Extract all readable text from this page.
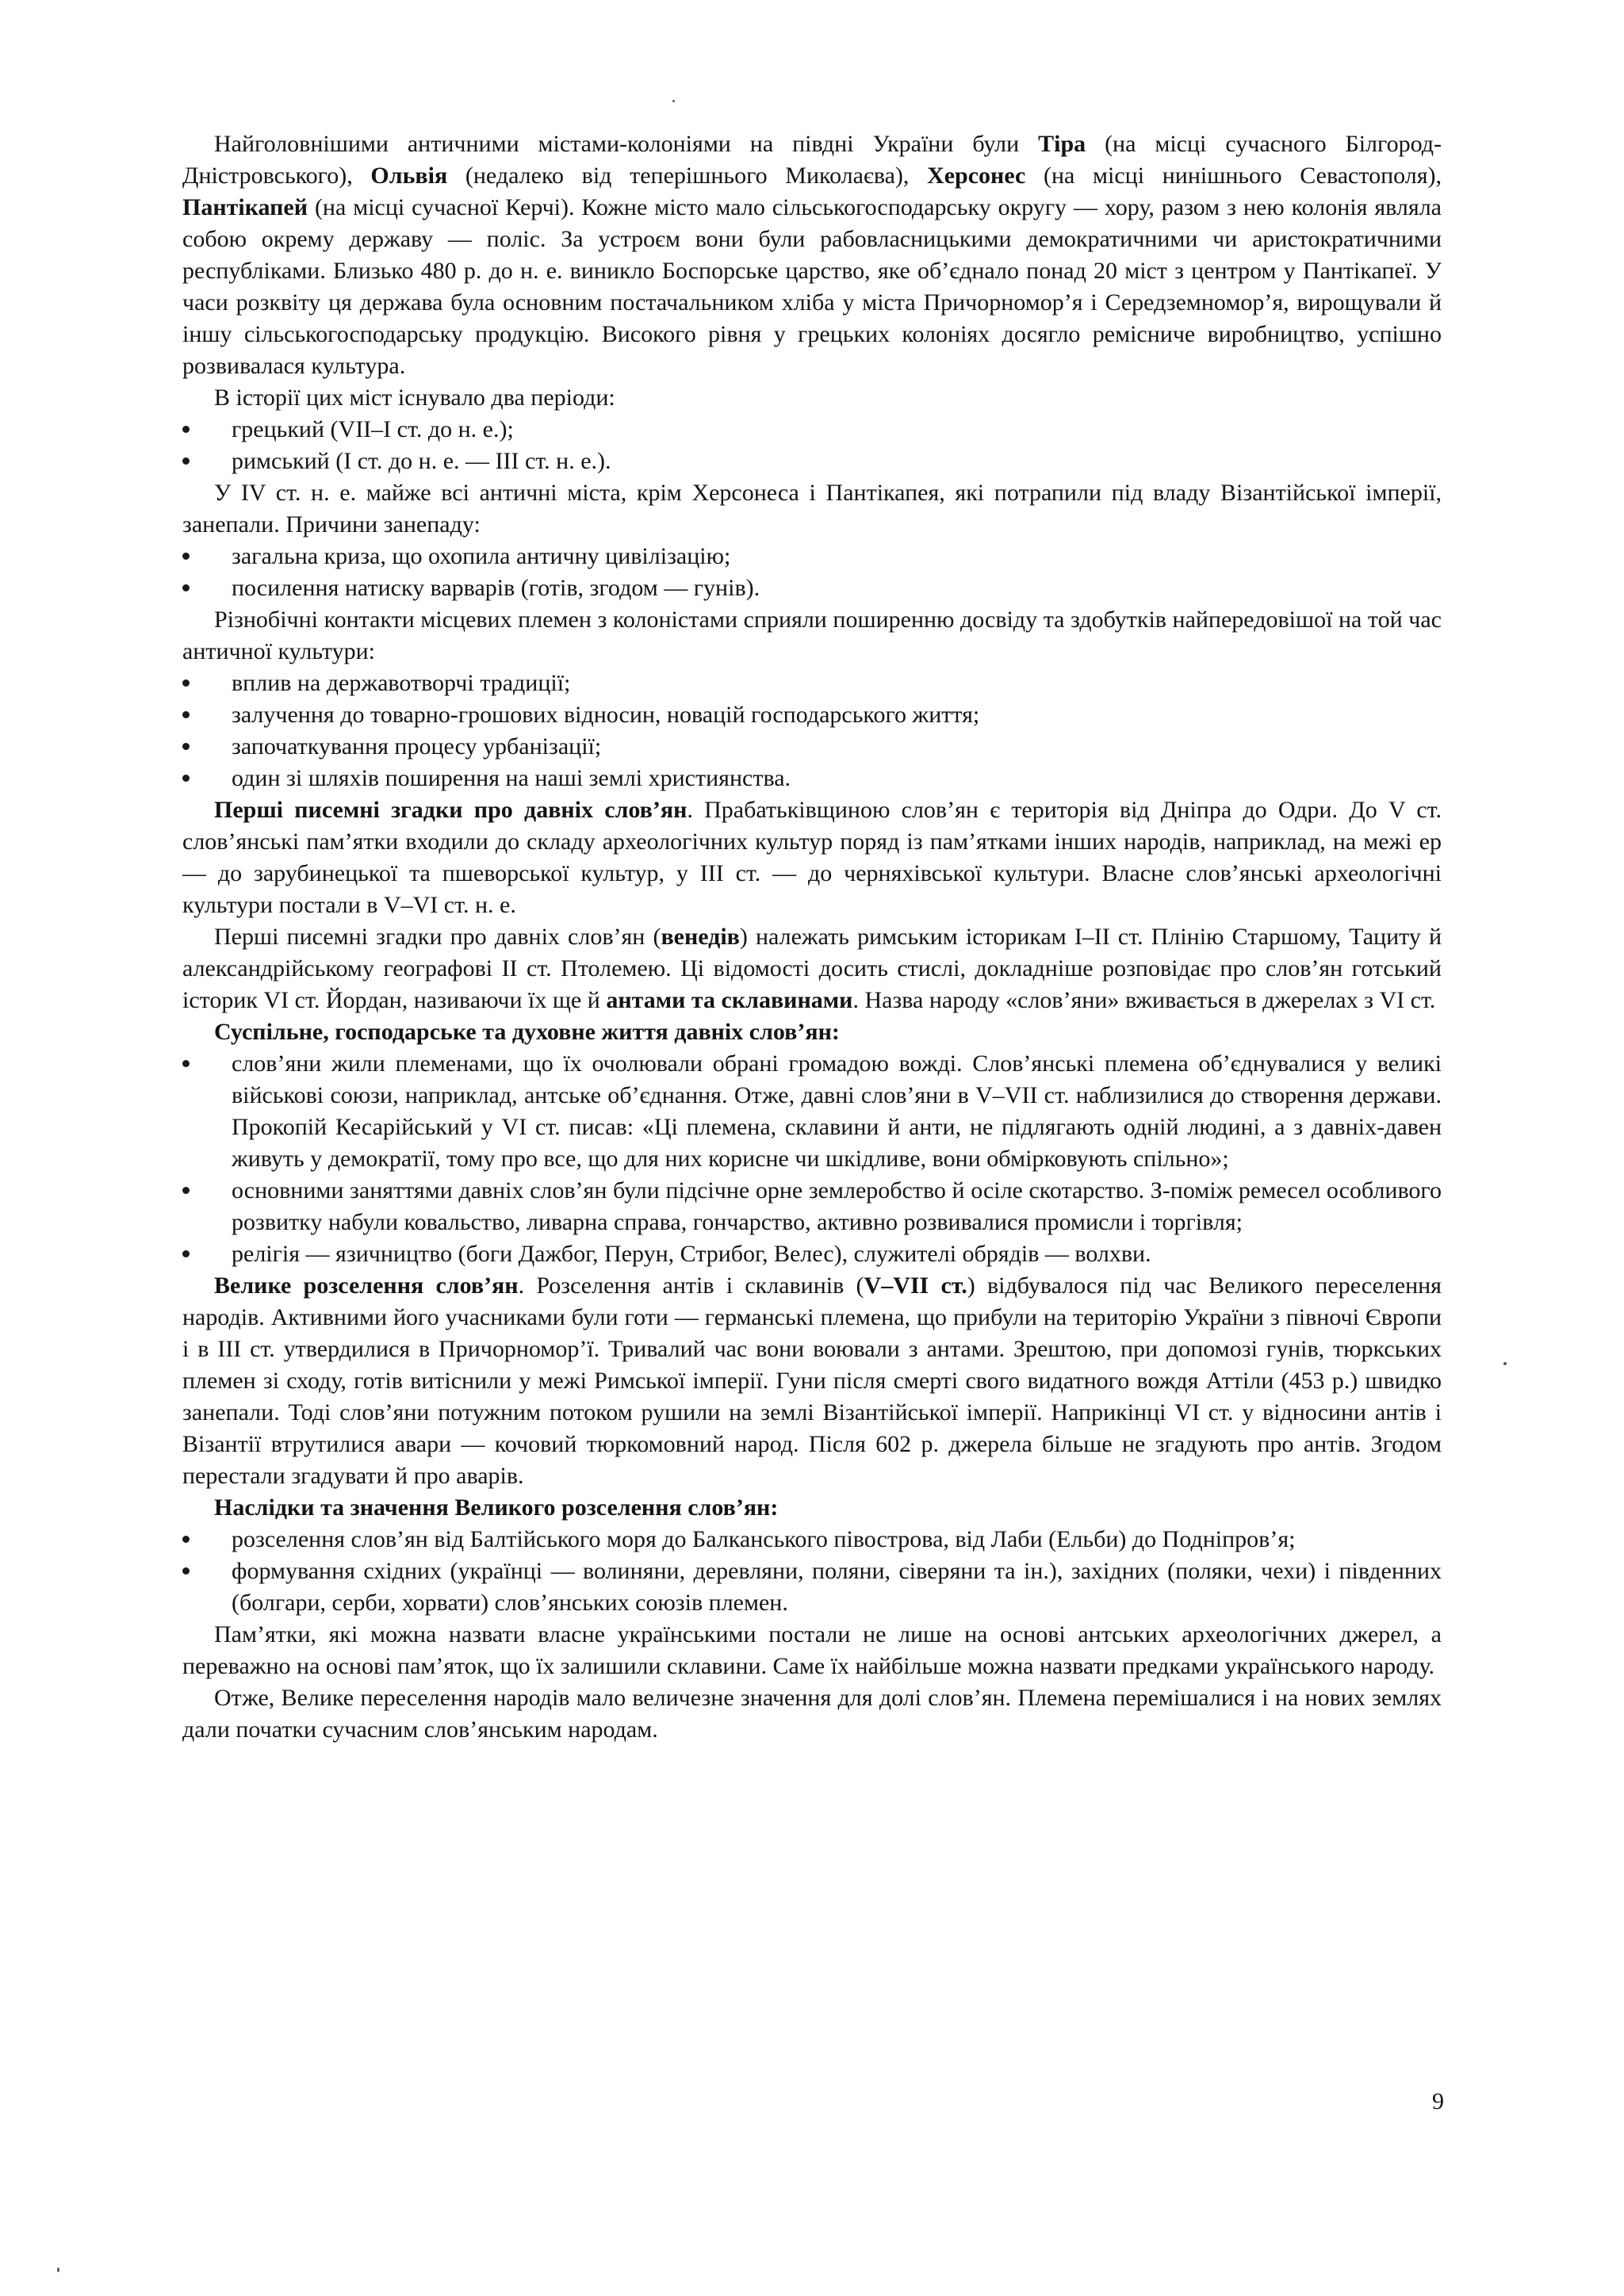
Найголовнішими античними містами-колоніями на півдні України були Тіра (на місці сучасного Білгород-Дністровського), Ольвія (недалеко від теперішнього Миколаєва), Херсонес (на місці нинішнього Севастополя), Пантікапей (на місці сучасної Керчі). Кожне місто мало сільськогосподарську округу — хору, разом з нею колонія являла собою окрему державу — поліс. За устроєм вони були рабовласницькими демократичними чи аристократичними республіками. Близько 480 р. до н. е. виникло Боспорське царство, яке об’єднало понад 20 міст з центром у Пантікапеї. У часи розквіту ця держава була основним постачальником хліба у міста Причорномор’я і Середземномор’я, вирощували й іншу сільськогосподарську продукцію. Високого рівня у грецьких колоніях досягло ремісниче виробництво, успішно розвивалася культура.

В історії цих міст існувало два періоди:

грецький (VII–I ст. до н. е.);
римський (I ст. до н. е. — III ст. н. е.).

У IV ст. н. е. майже всі античні міста, крім Херсонеса і Пантікапея, які потрапили під владу Візантійської імперії, занепали. Причини занепаду:

загальна криза, що охопила античну цивілізацію;
посилення натиску варварів (готів, згодом — гунів).

Різнобічні контакти місцевих племен з колоністами сприяли поширенню досвіду та здобутків найпередовішої на той час античної культури:

вплив на державотворчі традиції;
залучення до товарно-грошових відносин, новацій господарського життя;
започаткування процесу урбанізації;
один зі шляхів поширення на наші землі християнства.

Перші писемні згадки про давніх слов’ян. Прабатьківщиною слов’ян є територія від Дніпра до Одри. До V ст. слов’янські пам’ятки входили до складу археологічних культур поряд із пам’ятками інших народів, наприклад, на межі ер — до зарубинецької та пшеворської культур, у III ст. — до черняхівської культури. Власне слов’янські археологічні культури постали в V–VI ст. н. е.

Перші писемні згадки про давніх слов’ян (венедів) належать римським історикам I–II ст. Плінію Старшому, Тациту й александрійському географові II ст. Птолемею. Ці відомості досить стислі, докладніше розповідає про слов’ян готський історик VI ст. Йордан, називаючи їх ще й антами та склавинами. Назва народу «слов’яни» вживається в джерелах з VI ст.

Суспільне, господарське та духовне життя давніх слов’ян:

слов’яни жили племенами, що їх очолювали обрані громадою вожді. Слов’янські племена об’єднувалися у великі військові союзи, наприклад, антське об’єднання. Отже, давні слов’яни в V–VII ст. наблизилися до створення держави. Прокопій Кесарійський у VI ст. писав: «Ці племена, склавини й анти, не підлягають одній людині, а з давніх-давен живуть у демократії, тому про все, що для них корисне чи шкідливе, вони обмірковують спільно»;
основними заняттями давніх слов’ян були підсічне орне землеробство й осіле скотарство. З-поміж ремесел особливого розвитку набули ковальство, ливарна справа, гончарство, активно розвивалися промисли і торгівля;
релігія — язичництво (боги Дажбог, Перун, Стрибог, Велес), служителі обрядів — волхви.

Велике розселення слов’ян. Розселення антів і склавинів (V–VII ст.) відбувалося під час Великого переселення народів. Активними його учасниками були готи — германські племена, що прибули на територію України з півночі Європи і в III ст. утвердилися в Причорномор’ї. Тривалий час вони воювали з антами. Зрештою, при допомозі гунів, тюркських племен зі сходу, готів витіснили у межі Римської імперії. Гуни після смерті свого видатного вождя Аттіли (453 р.) швидко занепали. Тоді слов’яни потужним потоком рушили на землі Візантійської імперії. Наприкінці VI ст. у відносини антів і Візантії втрутилися авари — кочовий тюркомовний народ. Після 602 р. джерела більше не згадують про антів. Згодом перестали згадувати й про аварів.

Наслідки та значення Великого розселення слов’ян:

розселення слов’ян від Балтійського моря до Балканського півострова, від Лаби (Ельби) до Подніпров’я;
формування східних (українці — волиняни, деревляни, поляни, сіверяни та ін.), західних (поляки, чехи) і південних (болгари, серби, хорвати) слов’янських союзів племен.

Пам’ятки, які можна назвати власне українськими постали не лише на основі антських археологічних джерел, а переважно на основі пам’яток, що їх залишили склавини. Саме їх найбільше можна назвати предками українського народу.

Отже, Велике переселення народів мало величезне значення для долі слов’ян. Племена перемішалися і на нових землях дали початки сучасним слов’янським народам.

9
